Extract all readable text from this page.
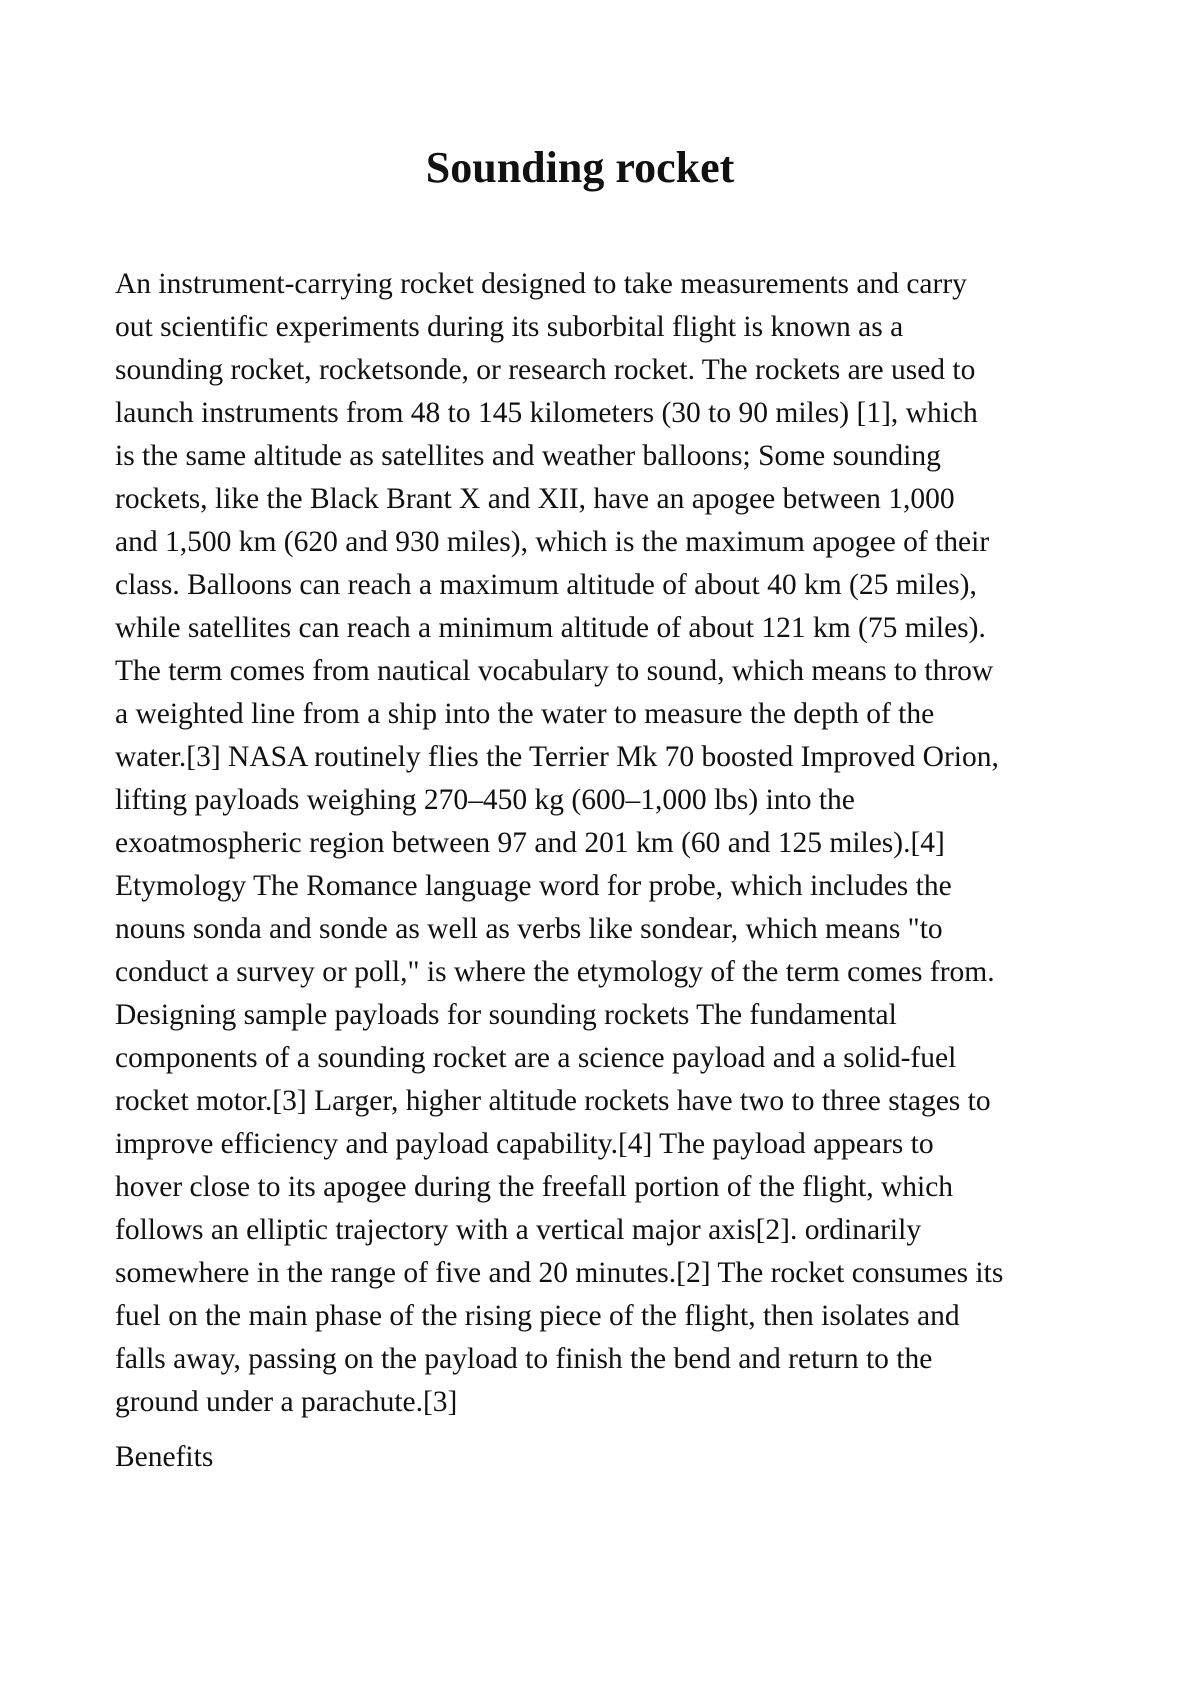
Sounding rocket

An instrument-carrying rocket designed to take measurements and carry
out scientific experiments during its suborbital flight is known as a
sounding rocket, rocketsonde, or research rocket. The rockets are used to
launch instruments from 48 to 145 kilometers (30 to 90 miles) [1], which
is the same altitude as satellites and weather balloons; Some sounding
rockets, like the Black Brant X and XII, have an apogee between 1,000
and 1,500 km (620 and 930 miles), which is the maximum apogee of their
class. Balloons can reach a maximum altitude of about 40 km (25 miles),
while satellites can reach a minimum altitude of about 121 km (75 miles).
The term comes from nautical vocabulary to sound, which means to throw
a weighted line from a ship into the water to measure the depth of the
water.[3] NASA routinely flies the Terrier Mk 70 boosted Improved Orion,
lifting payloads weighing 270–450 kg (600–1,000 lbs) into the
exoatmospheric region between 97 and 201 km (60 and 125 miles).[4]
Etymology The Romance language word for probe, which includes the
nouns sonda and sonde as well as verbs like sondear, which means "to
conduct a survey or poll," is where the etymology of the term comes from.
Designing sample payloads for sounding rockets The fundamental
components of a sounding rocket are a science payload and a solid-fuel
rocket motor.[3] Larger, higher altitude rockets have two to three stages to
improve efficiency and payload capability.[4] The payload appears to
hover close to its apogee during the freefall portion of the flight, which
follows an elliptic trajectory with a vertical major axis[2]. ordinarily
somewhere in the range of five and 20 minutes.[2] The rocket consumes its
fuel on the main phase of the rising piece of the flight, then isolates and
falls away, passing on the payload to finish the bend and return to the
ground under a parachute.[3]

Benefits
